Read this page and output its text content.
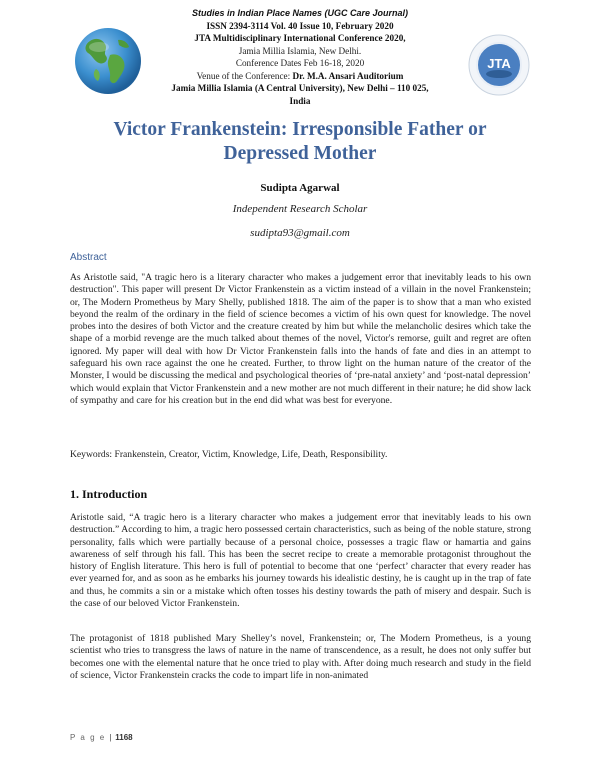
Studies in Indian Place Names (UGC Care Journal)
ISSN 2394-3114 Vol. 40 Issue 10, February 2020
JTA Multidisciplinary International Conference 2020,
Jamia Millia Islamia, New Delhi.
Conference Dates Feb 16-18, 2020
Venue of the Conference: Dr. M.A. Ansari Auditorium
Jamia Millia Islamia (A Central University), New Delhi – 110 025,
India
JTA
Victor Frankenstein: Irresponsible Father or
Depressed Mother
Sudipta Agarwal
Independent Research Scholar
sudipta93@gmail.com
Abstract
As Aristotle said, "A tragic hero is a literary character who makes a judgement error that inevitably leads to his own destruction". This paper will present Dr Victor Frankenstein as a victim instead of a villain in the novel Frankenstein; or, The Modern Prometheus by Mary Shelly, published 1818. The aim of the paper is to show that a man who existed beyond the realm of the ordinary in the field of science becomes a victim of his own quest for knowledge. The novel probes into the desires of both Victor and the creature created by him but while the melancholic desires which take the shape of a morbid revenge are the much talked about themes of the novel, Victor's remorse, guilt and regret are often ignored. My paper will deal with how Dr Victor Frankenstein falls into the hands of fate and dies in an attempt to safeguard his own race against the one he created. Further, to throw light on the human nature of the creator of the Monster, I would be discussing the medical and psychological theories of ‘pre-natal anxiety’ and ‘post-natal depression’ which would explain that Victor Frankenstein and a new mother are not much different in their nature; he did show lack of sympathy and care for his creation but in the end did what was best for everyone.
Keywords: Frankenstein, Creator, Victim, Knowledge, Life, Death, Responsibility.
1. Introduction
Aristotle said, “A tragic hero is a literary character who makes a judgement error that inevitably leads to his own destruction.” According to him, a tragic hero possessed certain characteristics, such as being of the noble stature, strong personality, falls which were partially because of a personal choice, possesses a tragic flaw or hamartia and gains awareness of self through his fall. This has been the secret recipe to create a memorable protagonist throughout the history of English literature. This hero is full of potential to become that one ‘perfect’ character that every reader has ever yearned for, and as soon as he embarks his journey towards his idealistic destiny, he is caught up in the trap of fate and thus, he commits a sin or a mistake which often tosses his destiny towards the path of misery and despair. Such is the case of our beloved Victor Frankenstein.
The protagonist of 1818 published Mary Shelley’s novel, Frankenstein; or, The Modern Prometheus, is a young scientist who tries to transgress the laws of nature in the name of transcendence, as a result, he does not only suffer but becomes one with the elemental nature that he once tried to play with. After doing much research and study in the field of science, Victor Frankenstein cracks the code to impart life in non-animated
P a g e | 1168
